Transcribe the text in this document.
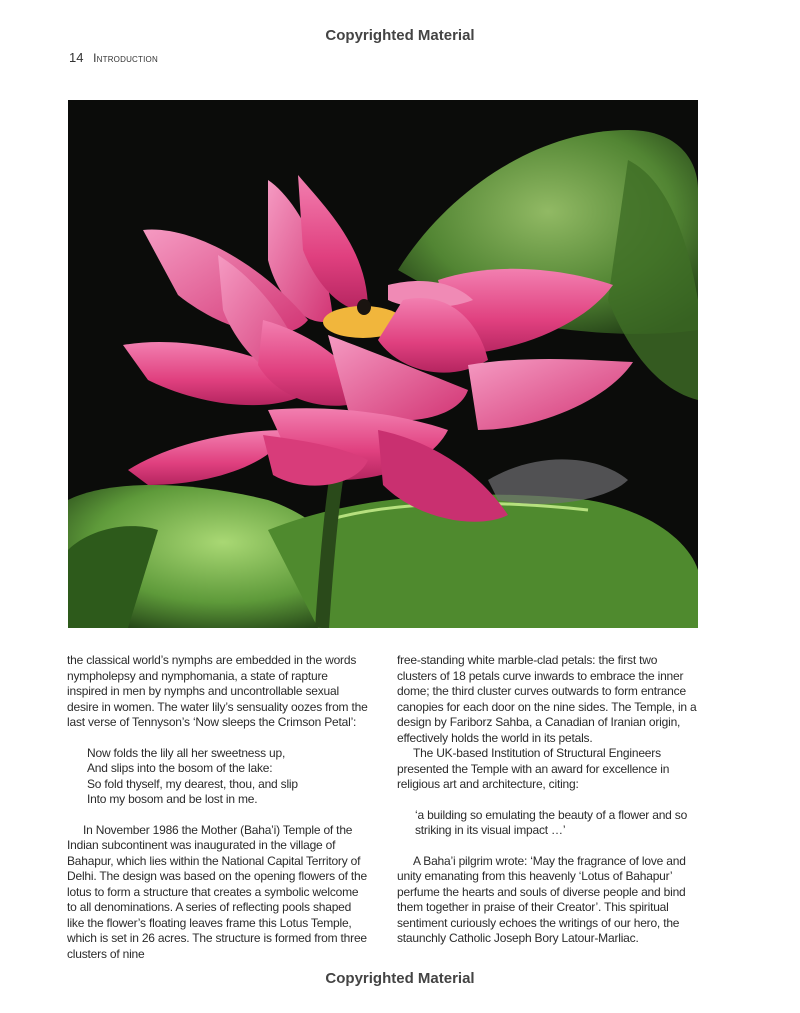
Copyrighted Material
14 Introduction

the classical world’s nymphs are embedded in the words nympholepsy and nymphomania, a state of rapture inspired in men by nymphs and uncontrollable sexual desire in women. The water lily’s sensuality oozes from the last verse of Tennyson’s ‘Now sleeps the Crimson Petal’:

Now folds the lily all her sweetness up,
And slips into the bosom of the lake:
So fold thyself, my dearest, thou, and slip
Into my bosom and be lost in me.

In November 1986 the Mother (Baha’i) Temple of the Indian subcontinent was inaugurated in the village of Bahapur, which lies within the National Capital Territory of Delhi. The design was based on the opening flowers of the lotus to form a structure that creates a symbolic welcome to all denominations. A series of reflecting pools shaped like the flower’s floating leaves frame this Lotus Temple, which is set in 26 acres. The structure is formed from three clusters of nine

free-standing white marble-clad petals: the first two clusters of 18 petals curve inwards to embrace the inner dome; the third cluster curves outwards to form entrance canopies for each door on the nine sides. The Temple, in a design by Fariborz Sahba, a Canadian of Iranian origin, effectively holds the world in its petals.

The UK-based Institution of Structural Engineers presented the Temple with an award for excellence in religious art and architecture, citing:

‘a building so emulating the beauty of a flower and so striking in its visual impact …’

A Baha’i pilgrim wrote: ‘May the fragrance of love and unity emanating from this heavenly ‘Lotus of Bahapur’ perfume the hearts and souls of diverse people and bind them together in praise of their Creator’. This spiritual sentiment curiously echoes the writings of our hero, the staunchly Catholic Joseph Bory Latour-Marliac.

Copyrighted Material
